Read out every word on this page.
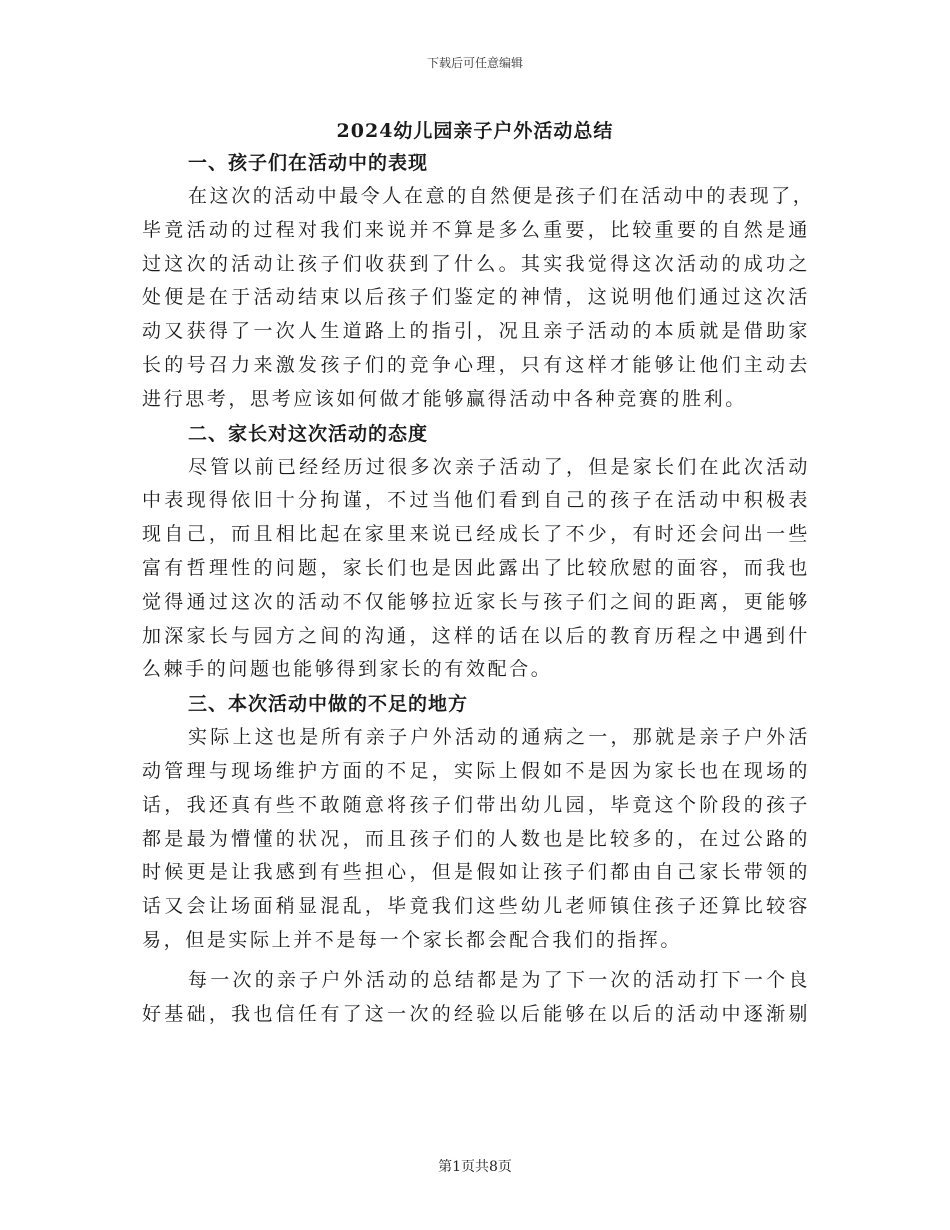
下载后可任意编辑
2024幼儿园亲子户外活动总结

一、孩子们在活动中的表现

在这次的活动中最令人在意的自然便是孩子们在活动中的表现了，
毕竟活动的过程对我们来说并不算是多么重要，比较重要的自然是通
过这次的活动让孩子们收获到了什么。其实我觉得这次活动的成功之
处便是在于活动结束以后孩子们鉴定的神情，这说明他们通过这次活
动又获得了一次人生道路上的指引，况且亲子活动的本质就是借助家
长的号召力来激发孩子们的竞争心理，只有这样才能够让他们主动去
进行思考，思考应该如何做才能够赢得活动中各种竞赛的胜利。

二、家长对这次活动的态度

尽管以前已经经历过很多次亲子活动了，但是家长们在此次活动
中表现得依旧十分拘谨，不过当他们看到自己的孩子在活动中积极表
现自己，而且相比起在家里来说已经成长了不少，有时还会问出一些
富有哲理性的问题，家长们也是因此露出了比较欣慰的面容，而我也
觉得通过这次的活动不仅能够拉近家长与孩子们之间的距离，更能够
加深家长与园方之间的沟通，这样的话在以后的教育历程之中遇到什
么棘手的问题也能够得到家长的有效配合。

三、本次活动中做的不足的地方

实际上这也是所有亲子户外活动的通病之一，那就是亲子户外活
动管理与现场维护方面的不足，实际上假如不是因为家长也在现场的
话，我还真有些不敢随意将孩子们带出幼儿园，毕竟这个阶段的孩子
都是最为懵懂的状况，而且孩子们的人数也是比较多的，在过公路的
时候更是让我感到有些担心，但是假如让孩子们都由自己家长带领的
话又会让场面稍显混乱，毕竟我们这些幼儿老师镇住孩子还算比较容
易，但是实际上并不是每一个家长都会配合我们的指挥。

每一次的亲子户外活动的总结都是为了下一次的活动打下一个良
好基础，我也信任有了这一次的经验以后能够在以后的活动中逐渐剔

第1页共8页
